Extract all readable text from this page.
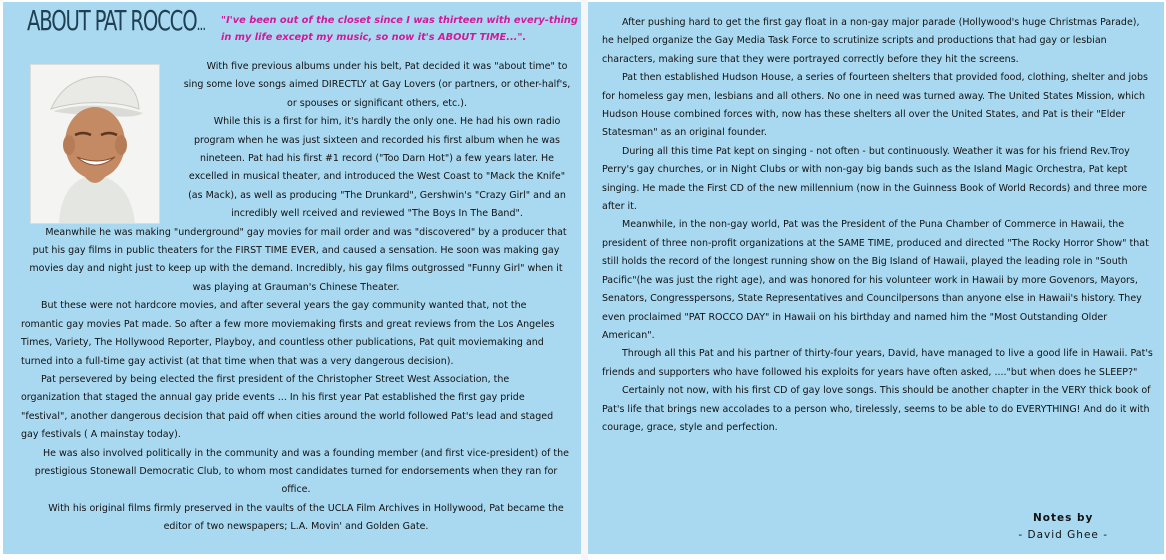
ABOUT PAT ROCCO... "I've been out of the closet since I was thirteen with every-thing in my life except my music, so now it's ABOUT TIME...".

With five previous albums under his belt, Pat decided it was "about time" to sing some love songs aimed DIRECTLY at Gay Lovers (or partners, or other-half's, or spouses or significant others, etc.).

While this is a first for him, it's hardly the only one. He had his own radio program when he was just sixteen and recorded his first album when he was nineteen. Pat had his first #1 record ("Too Darn Hot") a few years later. He excelled in musical theater, and introduced the West Coast to "Mack the Knife" (as Mack), as well as producing "The Drunkard", Gershwin's "Crazy Girl" and an incredibly well rceived and reviewed "The Boys In The Band".

Meanwhile he was making "underground" gay movies for mail order and was "discovered" by a producer that put his gay films in public theaters for the FIRST TIME EVER, and caused a sensation. He soon was making gay movies day and night just to keep up with the demand. Incredibly, his gay films outgrossed "Funny Girl" when it was playing at Grauman's Chinese Theater.

But these were not hardcore movies, and after several years the gay community wanted that, not the romantic gay movies Pat made. So after a few more moviemaking firsts and great reviews from the Los Angeles Times, Variety, The Hollywood Reporter, Playboy, and countless other publications, Pat quit moviemaking and turned into a full-time gay activist (at that time when that was a very dangerous decision).

Pat persevered by being elected the first president of the Christopher Street West Association, the organization that staged the annual gay pride events ... In his first year Pat established the first gay pride "festival", another dangerous decision that paid off when cities around the world followed Pat's lead and staged gay festivals ( A mainstay today).

He was also involved politically in the community and was a founding member (and first vice-president) of the prestigious Stonewall Democratic Club, to whom most candidates turned for endorsements when they ran for office.

With his original films firmly preserved in the vaults of the UCLA Film Archives in Hollywood, Pat became the editor of two newspapers; L.A. Movin' and Golden Gate.

After pushing hard to get the first gay float in a non-gay major parade (Hollywood's huge Christmas Parade), he helped organize the Gay Media Task Force to scrutinize scripts and productions that had gay or lesbian characters, making sure that they were portrayed correctly before they hit the screens.

Pat then established Hudson House, a series of fourteen shelters that provided food, clothing, shelter and jobs for homeless gay men, lesbians and all others. No one in need was turned away. The United States Mission, which Hudson House combined forces with, now has these shelters all over the United States, and Pat is their "Elder Statesman" as an original founder.

During all this time Pat kept on singing - not often - but continuously. Weather it was for his friend Rev.Troy Perry's gay churches, or in Night Clubs or with non-gay big bands such as the Island Magic Orchestra, Pat kept singing. He made the First CD of the new millennium (now in the Guinness Book of World Records) and three more after it.

Meanwhile, in the non-gay world, Pat was the President of the Puna Chamber of Commerce in Hawaii, the president of three non-profit organizations at the SAME TIME, produced and directed "The Rocky Horror Show" that still holds the record of the longest running show on the Big Island of Hawaii, played the leading role in "South Pacific"(he was just the right age), and was honored for his volunteer work in Hawaii by more Govenors, Mayors, Senators, Congresspersons, State Representatives and Councilpersons than anyone else in Hawaii's history. They even proclaimed "PAT ROCCO DAY" in Hawaii on his birthday and named him the "Most Outstanding Older American".

Through all this Pat and his partner of thirty-four years, David, have managed to live a good life in Hawaii. Pat's friends and supporters who have followed his exploits for years have often asked, ...."but when does he SLEEP?"

Certainly not now, with his first CD of gay love songs. This should be another chapter in the VERY thick book of Pat's life that brings new accolades to a person who, tirelessly, seems to be able to do EVERYTHING! And do it with courage, grace, style and perfection.

Notes by
- David Ghee -
